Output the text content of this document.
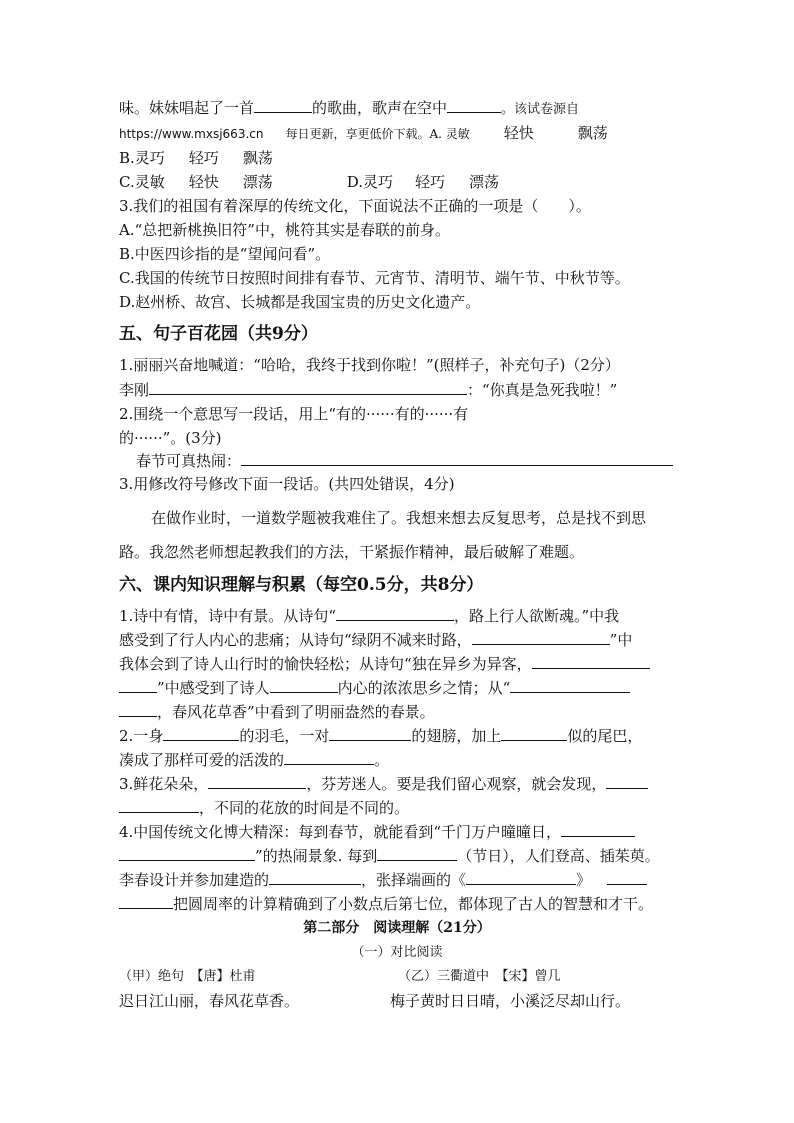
味。妹妹唱起了一首	的歌曲，歌声在空中	。该试卷源自
https://www.mxsj663.cn 每日更新，享更低价下载。A. 灵敏 轻快	飘荡
B.灵巧 轻巧 飘荡
C.灵敏 轻快 漂荡	D.灵巧 轻巧 漂荡
3.我们的祖国有着深厚的传统文化，下面说法不正确的一项是（　　）。
A.“总把新桃换旧符”中，桃符其实是春联的前身。
B.中医四诊指的是“望闻问看”。
C.我国的传统节日按照时间排有春节、元宵节、清明节、端午节、中秋节等。
D.赵州桥、故宫、长城都是我国宝贵的历史文化遗产。
五、句子百花园（共9分）
1.丽丽兴奋地喊道：“哈哈，我终于找到你啦！”(照样子，补充句子)（2分）
李刚	：“你真是急死我啦！”
2.围绕一个意思写一段话，用上“有的······有的······有
的······”。(3分)
春节可真热闹：
3.用修改符号修改下面一段话。(共四处错误，4分)
在做作业时，一道数学题被我难住了。我想来想去反复思考，总是找不到思
路。我忽然老师想起教我们的方法，干紧振作精神，最后破解了难题。
六、课内知识理解与积累（每空0.5分，共8分）
1.诗中有情，诗中有景。从诗句“	，路上行人欲断魂。”中我
感受到了行人内心的悲痛；从诗句“绿阴不减来时路，	”中
我体会到了诗人山行时的愉快轻松；从诗句“独在异乡为异客，
”中感受到了诗人	内心的浓浓思乡之情；从“
，春风花草香”中看到了明丽盎然的春景。
2.一身	的羽毛，一对	的翅膀，加上	似的尾巴，
凑成了那样可爱的活泼的	。
3.鲜花朵朵，	，芬芳迷人。要是我们留心观察，就会发现，
，不同的花放的时间是不同的。
4.中国传统文化博大精深：每到春节，就能看到“千门万户曈曈日，
”的热闹景象. 每到	（节日），人们登高、插茱萸。
李春设计并参加建造的	，张择端画的《	》
把圆周率的计算精确到了小数点后第七位，都体现了古人的智慧和才干。
第二部分　阅读理解（21分）
（一）对比阅读
（甲）绝句　【唐】杜甫	（乙）三衢道中　【宋】曾几
迟日江山丽，春风花草香。	梅子黄时日日晴，小溪泛尽却山行。
